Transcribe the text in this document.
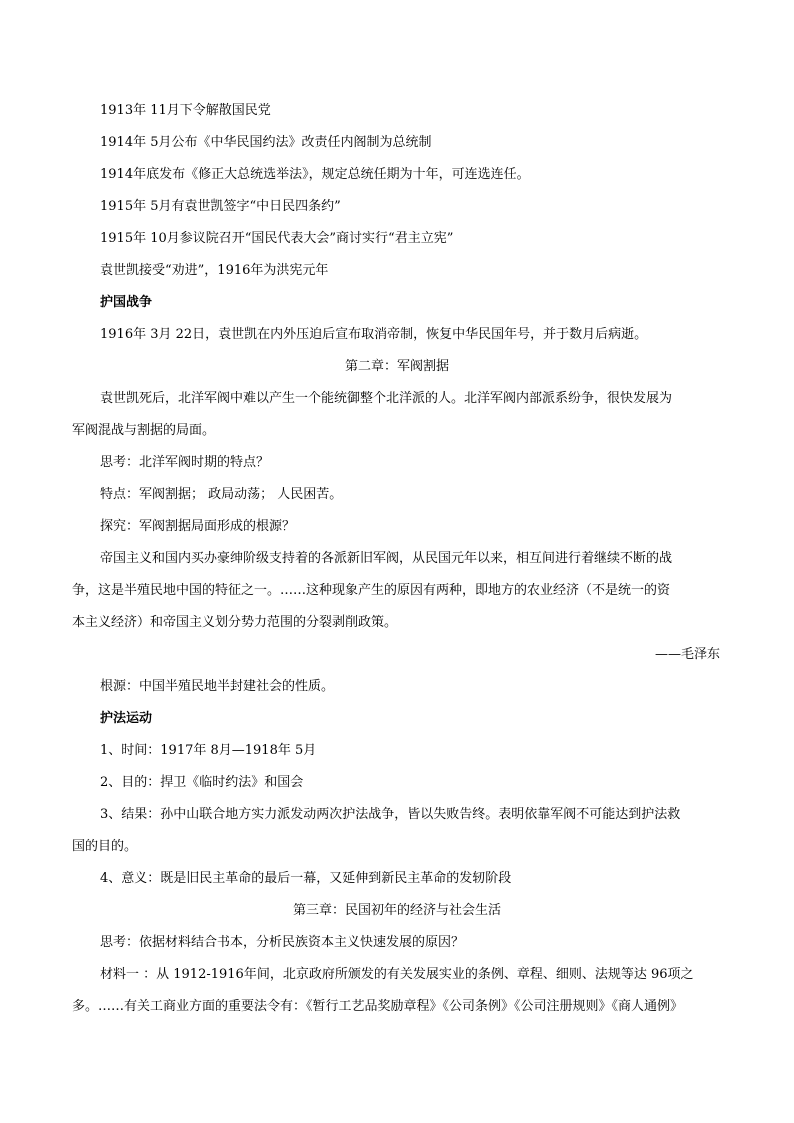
1913年 11月下令解散国民党
1914年 5月公布《中华民国约法》改责任内阁制为总统制
1914年底发布《修正大总统选举法》，规定总统任期为十年，可连选连任。
1915年 5月有袁世凯签字“中日民四条约”
1915年 10月参议院召开“国民代表大会”商讨实行“君主立宪”
袁世凯接受“劝进”，1916年为洪宪元年
护国战争
1916年 3月 22日，袁世凯在内外压迫后宣布取消帝制，恢复中华民国年号，并于数月后病逝。
第二章：军阀割据
袁世凯死后，北洋军阀中难以产生一个能统御整个北洋派的人。北洋军阀内部派系纷争，很快发展为
军阀混战与割据的局面。
思考：北洋军阀时期的特点？
特点：军阀割据； 政局动荡； 人民困苦。
探究：军阀割据局面形成的根源？
帝国主义和国内买办豪绅阶级支持着的各派新旧军阀，从民国元年以来，相互间进行着继续不断的战
争，这是半殖民地中国的特征之一。……这种现象产生的原因有两种，即地方的农业经济（不是统一的资
本主义经济）和帝国主义划分势力范围的分裂剥削政策。
——毛泽东
根源：中国半殖民地半封建社会的性质。
护法运动
1、时间：1917年 8月—1918年 5月
2、目的：捍卫《临时约法》和国会
3、结果：孙中山联合地方实力派发动两次护法战争，皆以失败告终。表明依靠军阀不可能达到护法救
国的目的。
4、意义：既是旧民主革命的最后一幕，又延伸到新民主革命的发轫阶段
第三章：民国初年的经济与社会生活
思考：依据材料结合书本，分析民族资本主义快速发展的原因？
材料一 ：从 1912-1916年间，北京政府所颁发的有关发展实业的条例、章程、细则、法规等达 96项之
多。……有关工商业方面的重要法令有：《暂行工艺品奖励章程》《公司条例》《公司注册规则》《商人通例》
